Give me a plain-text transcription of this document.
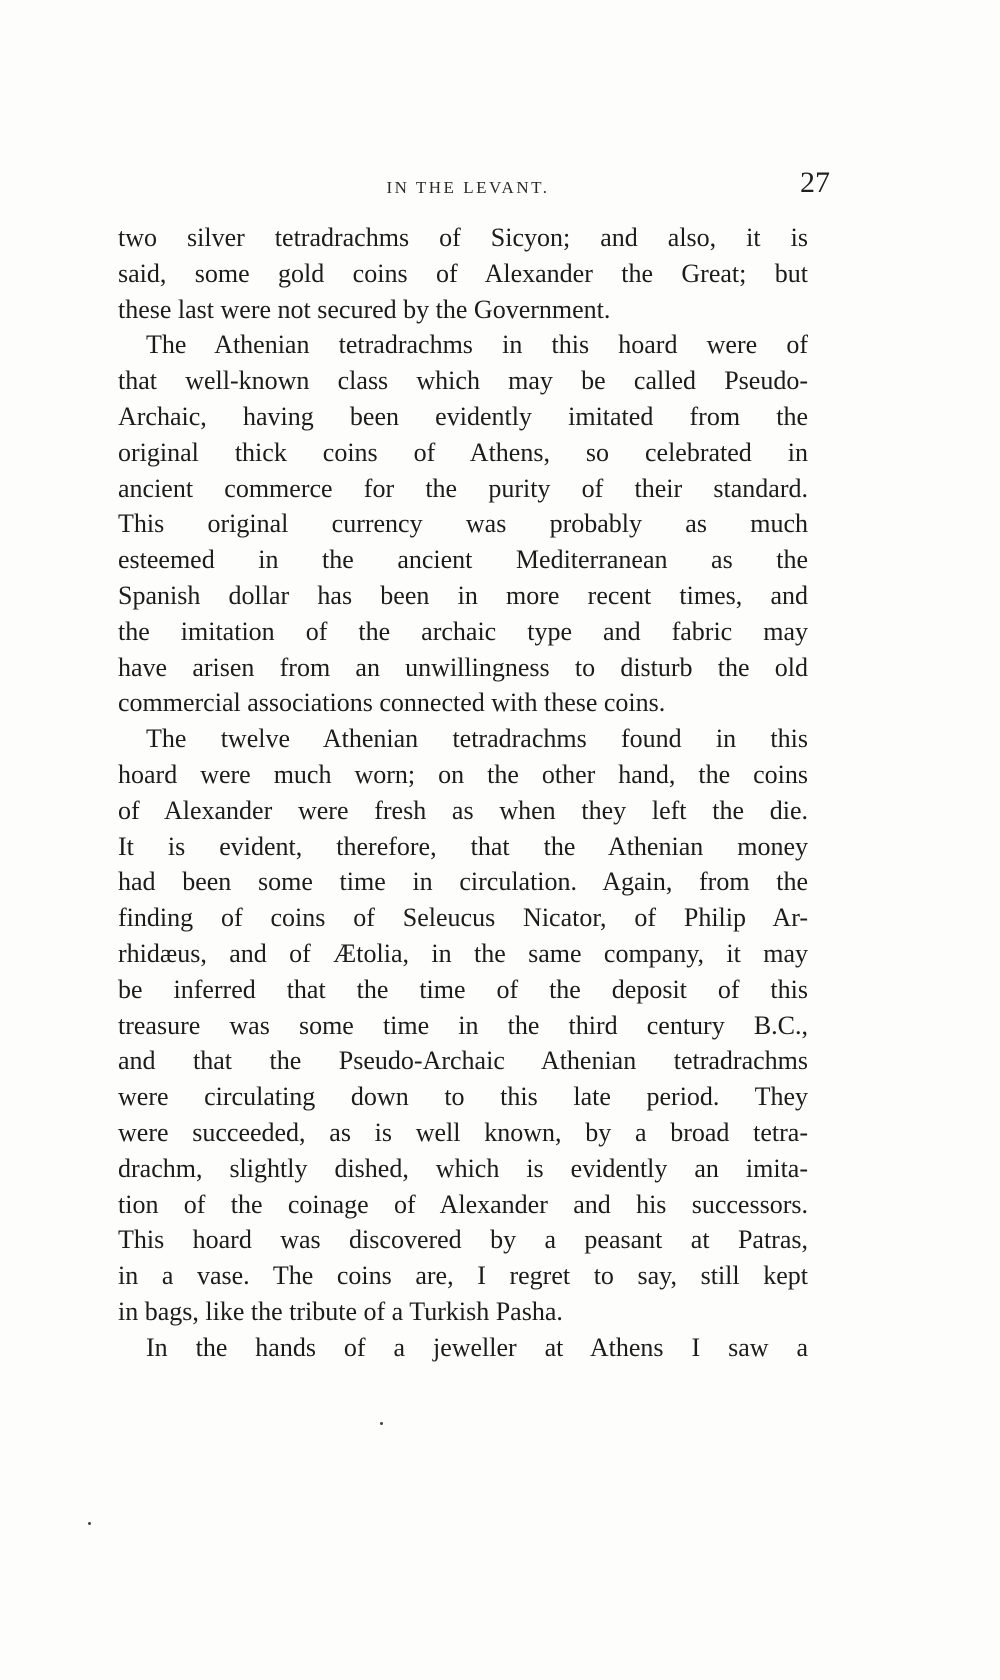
IN THE LEVANT.	27
two silver tetradrachms of Sicyon; and also, it is
said, some gold coins of Alexander the Great; but
these last were not secured by the Government.
The Athenian tetradrachms in this hoard were of
that well-known class which may be called Pseudo-
Archaic, having been evidently imitated from the
original thick coins of Athens, so celebrated in
ancient commerce for the purity of their standard.
This original currency was probably as much
esteemed in the ancient Mediterranean as the
Spanish dollar has been in more recent times, and
the imitation of the archaic type and fabric may
have arisen from an unwillingness to disturb the old
commercial associations connected with these coins.
The twelve Athenian tetradrachms found in this
hoard were much worn; on the other hand, the coins
of Alexander were fresh as when they left the die.
It is evident, therefore, that the Athenian money
had been some time in circulation. Again, from the
finding of coins of Seleucus Nicator, of Philip Ar-
rhidæus, and of Ætolia, in the same company, it may
be inferred that the time of the deposit of this
treasure was some time in the third century B.C.,
and that the Pseudo-Archaic Athenian tetradrachms
were circulating down to this late period. They
were succeeded, as is well known, by a broad tetra-
drachm, slightly dished, which is evidently an imita-
tion of the coinage of Alexander and his successors.
This hoard was discovered by a peasant at Patras,
in a vase. The coins are, I regret to say, still kept
in bags, like the tribute of a Turkish Pasha.
In the hands of a jeweller at Athens I saw a
